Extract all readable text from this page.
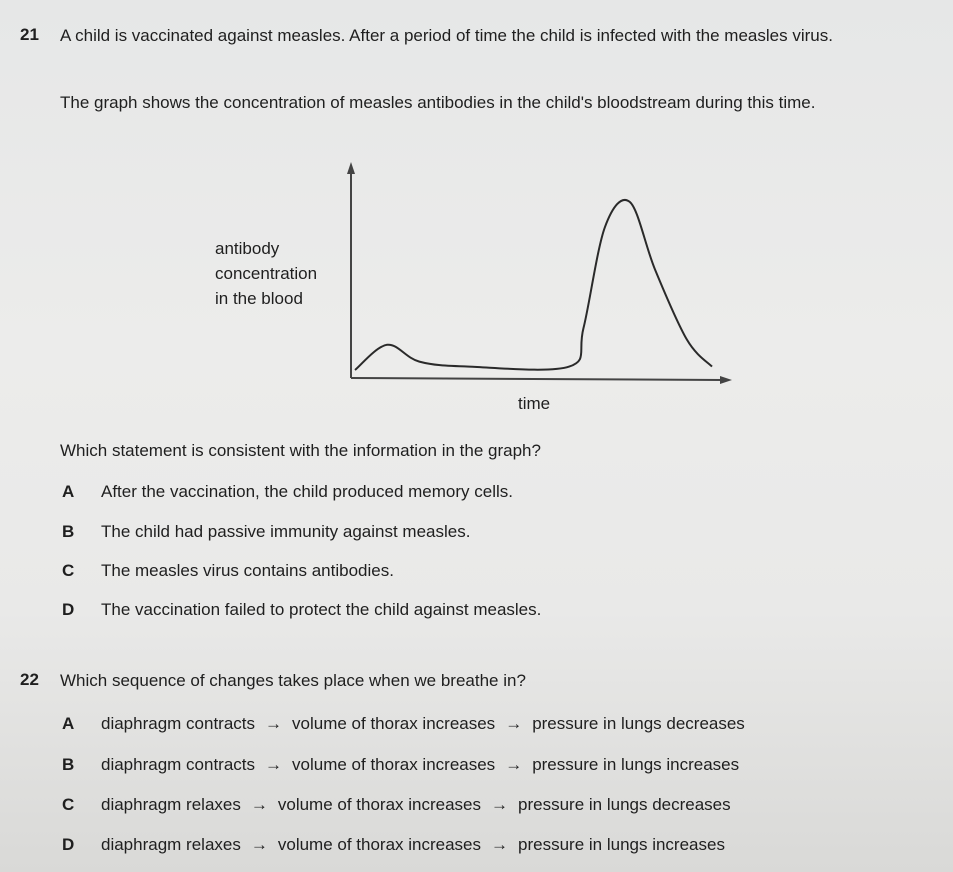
21 A child is vaccinated against measles. After a period of time the child is infected with the measles virus.
The graph shows the concentration of measles antibodies in the child's bloodstream during this time.
antibody
concentration
in the blood
time
Which statement is consistent with the information in the graph?
A After the vaccination, the child produced memory cells.
B The child had passive immunity against measles.
C The measles virus contains antibodies.
D The vaccination failed to protect the child against measles.
22 Which sequence of changes takes place when we breathe in?
A diaphragm contracts → volume of thorax increases → pressure in lungs decreases
B diaphragm contracts → volume of thorax increases → pressure in lungs increases
C diaphragm relaxes → volume of thorax increases → pressure in lungs decreases
D diaphragm relaxes → volume of thorax increases → pressure in lungs increases
